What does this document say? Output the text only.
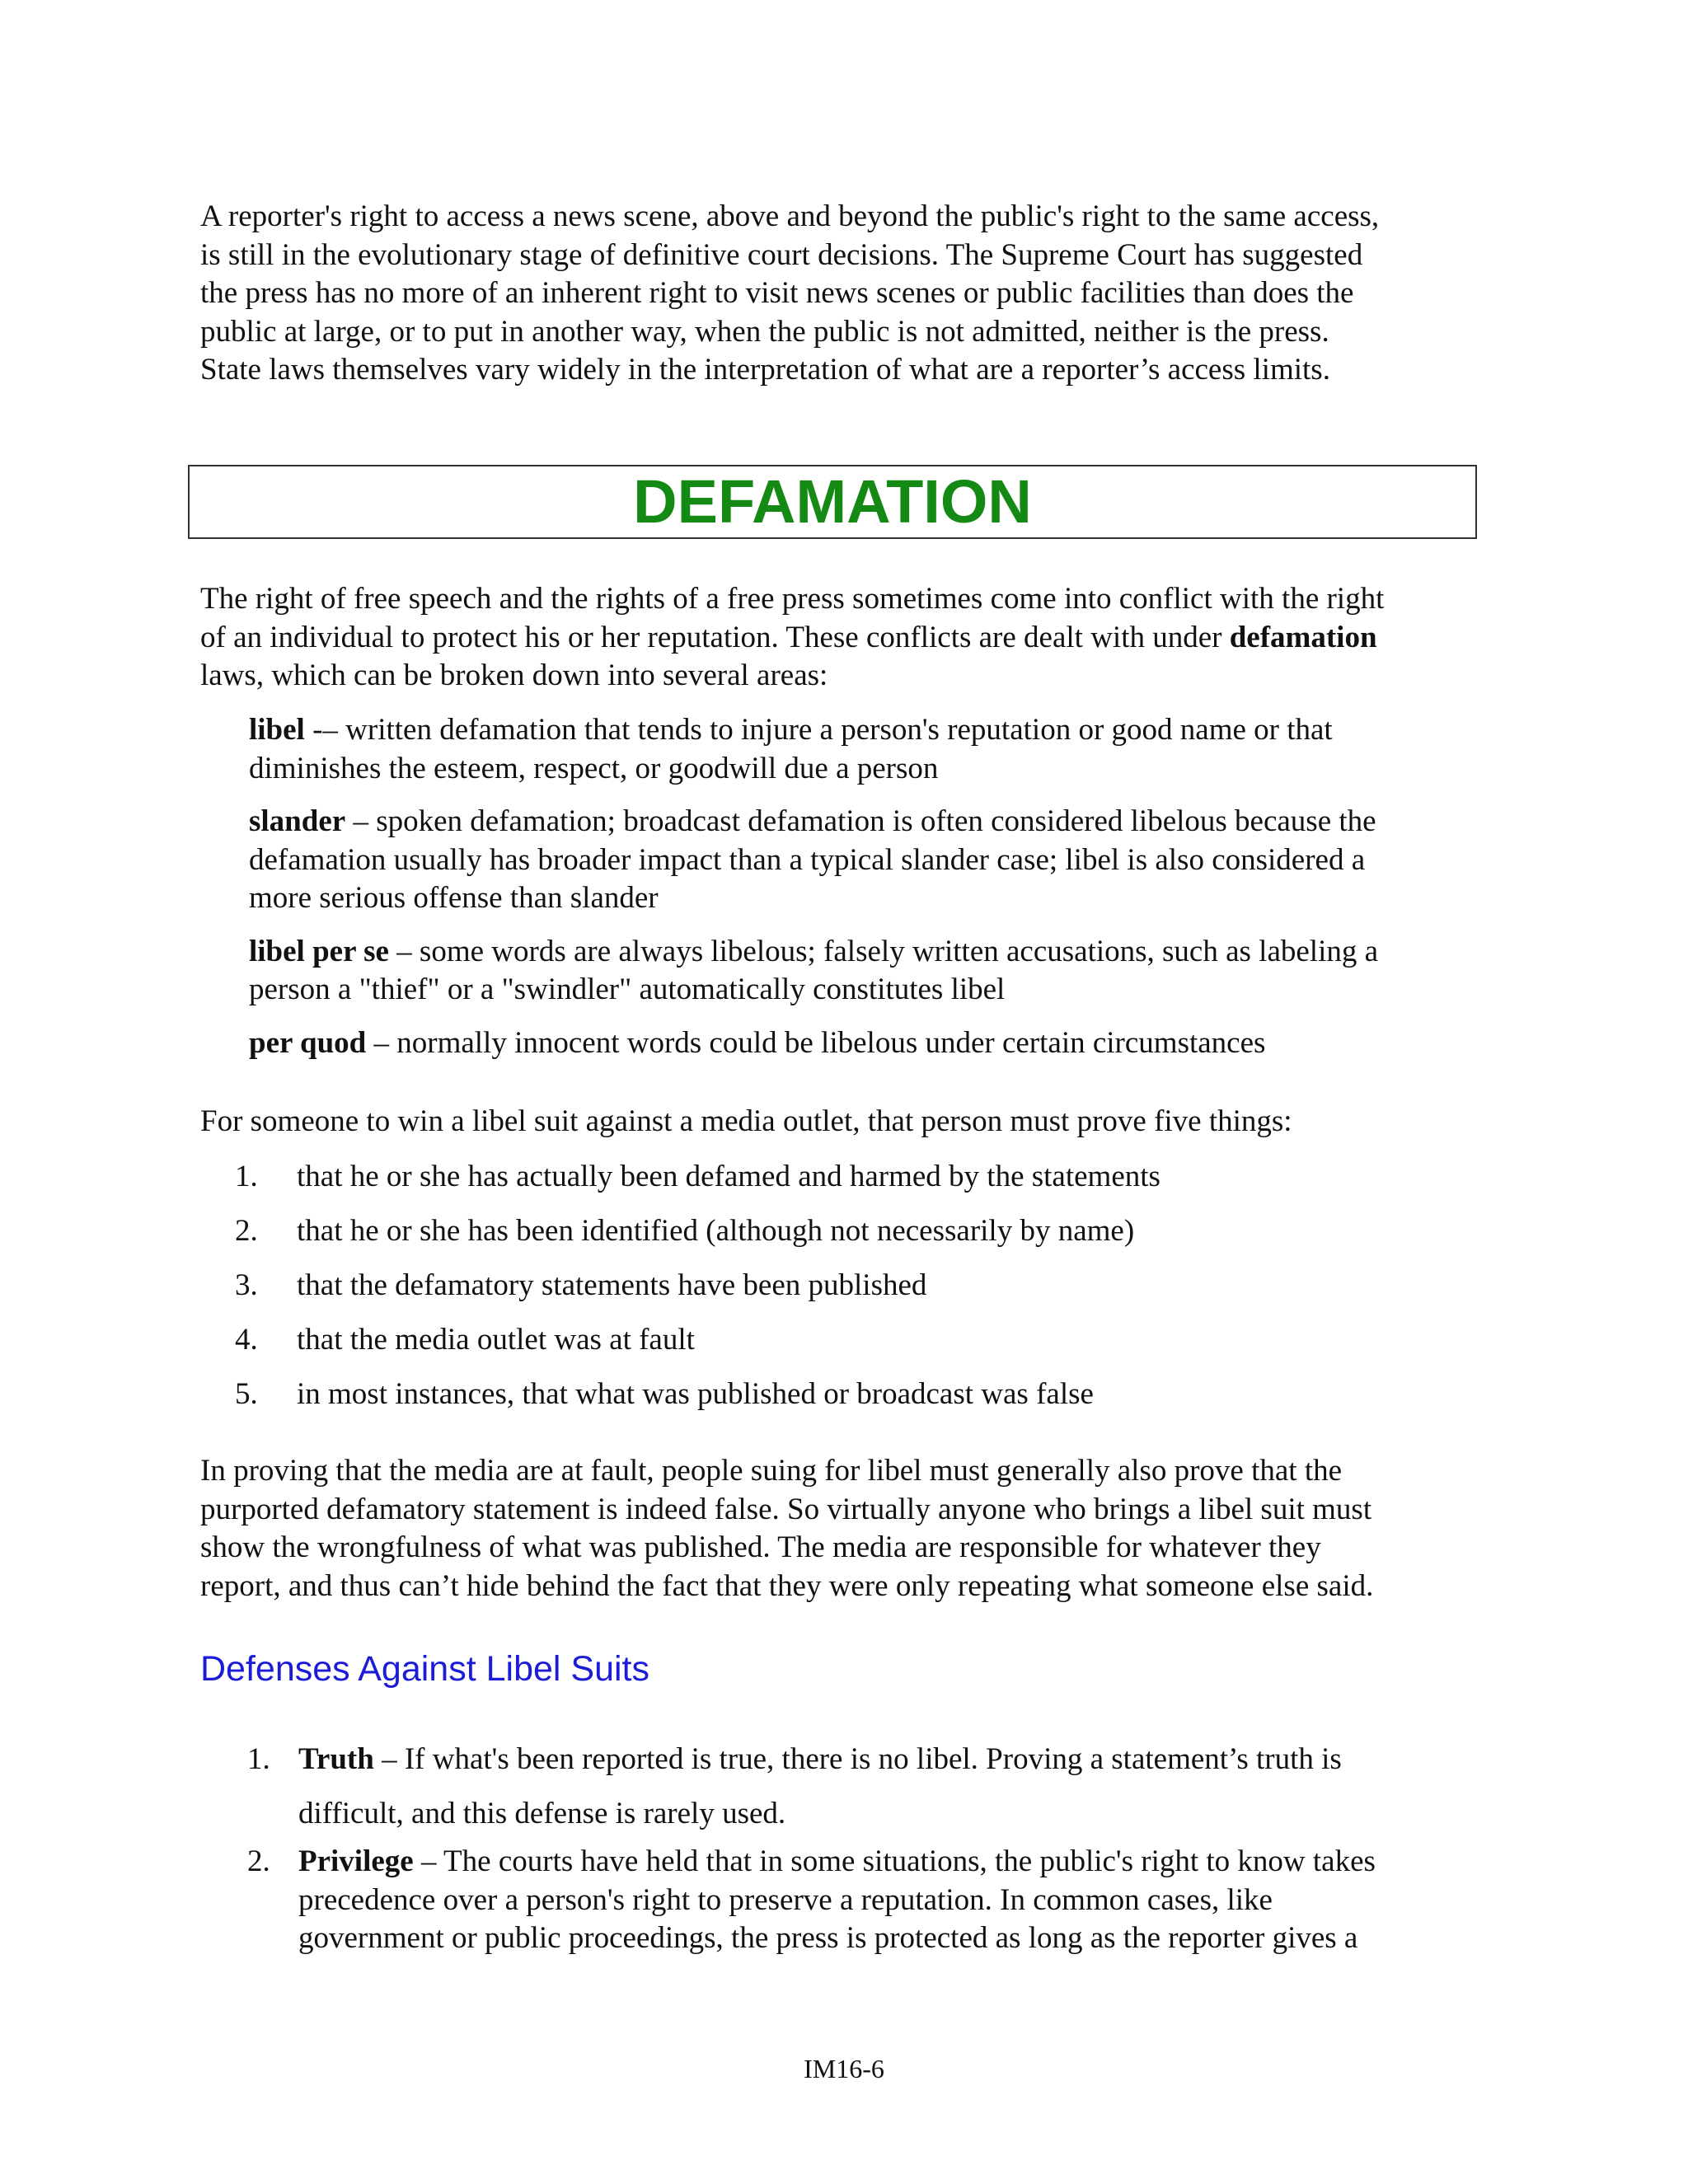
A reporter's right to access a news scene, above and beyond the public's right to the same access,
is still in the evolutionary stage of definitive court decisions. The Supreme Court has suggested
the press has no more of an inherent right to visit news scenes or public facilities than does the
public at large, or to put in another way, when the public is not admitted, neither is the press.
State laws themselves vary widely in the interpretation of what are a reporter’s access limits.

DEFAMATION

The right of free speech and the rights of a free press sometimes come into conflict with the right
of an individual to protect his or her reputation. These conflicts are dealt with under defamation
laws, which can be broken down into several areas:

libel -– written defamation that tends to injure a person's reputation or good name or that
diminishes the esteem, respect, or goodwill due a person
slander – spoken defamation; broadcast defamation is often considered libelous because the
defamation usually has broader impact than a typical slander case; libel is also considered a
more serious offense than slander
libel per se – some words are always libelous; falsely written accusations, such as labeling a
person a "thief" or a "swindler" automatically constitutes libel
per quod – normally innocent words could be libelous under certain circumstances

For someone to win a libel suit against a media outlet, that person must prove five things:

1.	that he or she has actually been defamed and harmed by the statements
2.	that he or she has been identified (although not necessarily by name)
3.	that the defamatory statements have been published
4.	that the media outlet was at fault
5.	in most instances, that what was published or broadcast was false

In proving that the media are at fault, people suing for libel must generally also prove that the
purported defamatory statement is indeed false. So virtually anyone who brings a libel suit must
show the wrongfulness of what was published. The media are responsible for whatever they
report, and thus can’t hide behind the fact that they were only repeating what someone else said.

Defenses Against Libel Suits
1. Truth – If what's been reported is true, there is no libel. Proving a statement’s truth is
difficult, and this defense is rarely used.
2. Privilege – The courts have held that in some situations, the public's right to know takes
precedence over a person's right to preserve a reputation. In common cases, like
government or public proceedings, the press is protected as long as the reporter gives a
IM16-6
